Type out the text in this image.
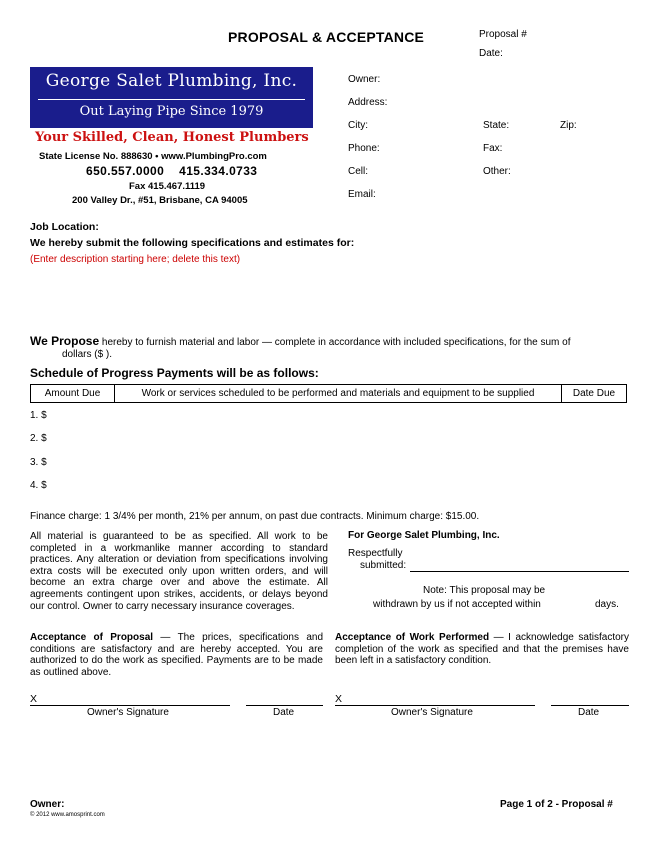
PROPOSAL & ACCEPTANCE	Proposal #
Date:
George Salet Plumbing, Inc.
Out Laying Pipe Since 1979
Your Skilled, Clean, Honest Plumbers
State License No. 888630 • www.PlumbingPro.com
650.557.0000 415.334.0733
Fax 415.467.1119
200 Valley Dr., #51, Brisbane, CA 94005
Owner:
Address:
City:	State:	Zip:
Phone:	Fax:
Cell:	Other:
Email:
Job Location:
We hereby submit the following specifications and estimates for:
(Enter description starting here; delete this text)
We Propose hereby to furnish material and labor — complete in accordance with included specifications, for the sum of
dollars ($ ).
Schedule of Progress Payments will be as follows:
Amount Due	Work or services scheduled to be performed and materials and equipment to be supplied	Date Due
1. $
2. $
3. $
4. $
Finance charge: 1 3/4% per month, 21% per annum, on past due contracts. Minimum charge: $15.00.
All material is guaranteed to be as specified. All work to be completed in a workmanlike manner according to standard practices. Any alteration or deviation from specifications involving extra costs will be executed only upon written orders, and will become an extra charge over and above the estimate. All agreements contingent upon strikes, accidents, or delays beyond our control. Owner to carry necessary insurance coverages.
For George Salet Plumbing, Inc.
Respectfully
submitted:
Note: This proposal may be
withdrawn by us if not accepted within	days.
Acceptance of Proposal — The prices, specifications and conditions are satisfactory and are hereby accepted. You are authorized to do the work as specified. Payments are to be made as outlined above.
Acceptance of Work Performed — I acknowledge satisfactory completion of the work as specified and that the premises have been left in a satisfactory condition.
X
Owner's Signature	Date
X
Owner's Signature	Date
Owner:
© 2012 www.amosprint.com
Page 1 of 2 - Proposal #
